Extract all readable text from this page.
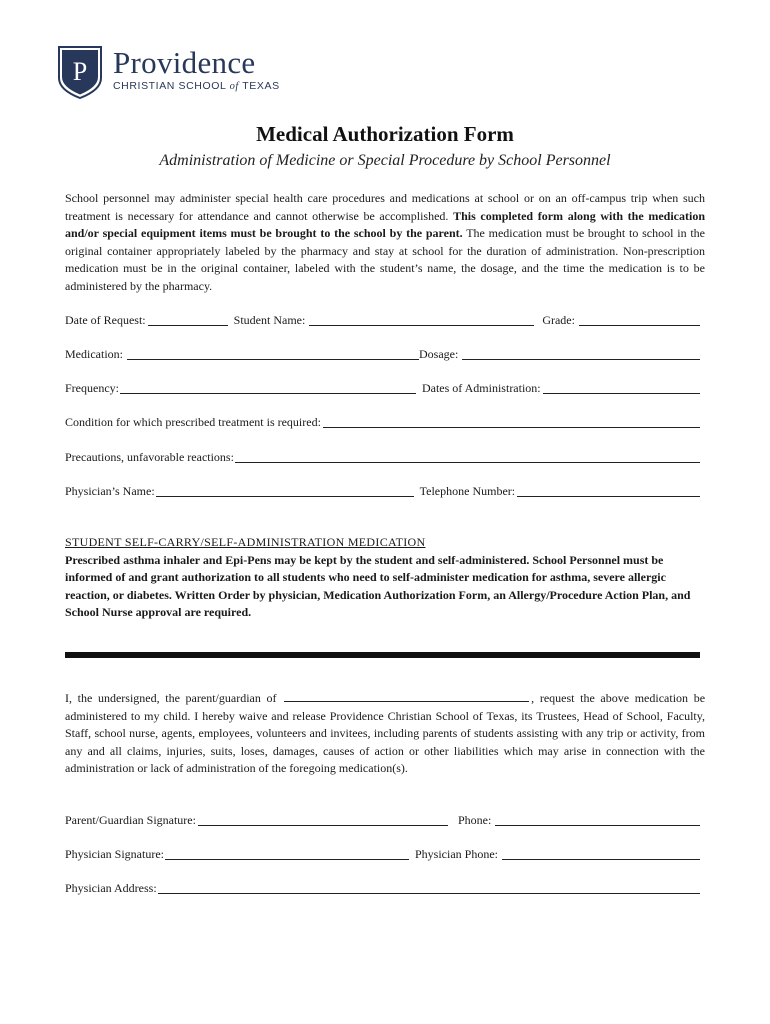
P Providence
CHRISTIAN SCHOOL of TEXAS
Medical Authorization Form
Administration of Medicine or Special Procedure by School Personnel
School personnel may administer special health care procedures and medications at school or on an off-campus trip when such treatment is necessary for attendance and cannot otherwise be accomplished. This completed form along with the medication and/or special equipment items must be brought to the school by the parent. The medication must be brought to school in the original container appropriately labeled by the pharmacy and stay at school for the duration of administration. Non-prescription medication must be in the original container, labeled with the student’s name, the dosage, and the time the medication is to be administered by the pharmacy.
Date of Request:	Student Name:	Grade:
Medication:	Dosage:
Frequency:	Dates of Administration:
Condition for which prescribed treatment is required:
Precautions, unfavorable reactions:
Physician’s Name:	Telephone Number:
STUDENT SELF-CARRY/SELF-ADMINISTRATION MEDICATION
Prescribed asthma inhaler and Epi-Pens may be kept by the student and self-administered. School Personnel must be informed of and grant authorization to all students who need to self-administer medication for asthma, severe allergic reaction, or diabetes. Written Order by physician, Medication Authorization Form, an Allergy/Procedure Action Plan, and School Nurse approval are required.
I, the undersigned, the parent/guardian of	, request the above medication be administered to my child. I hereby waive and release Providence Christian School of Texas, its Trustees, Head of School, Faculty, Staff, school nurse, agents, employees, volunteers and invitees, including parents of students assisting with any trip or activity, from any and all claims, injuries, suits, loses, damages, causes of action or other liabilities which may arise in connection with the administration or lack of administration of the foregoing medication(s).
Parent/Guardian Signature:	Phone:
Physician Signature:	Physician Phone:
Physician Address:
